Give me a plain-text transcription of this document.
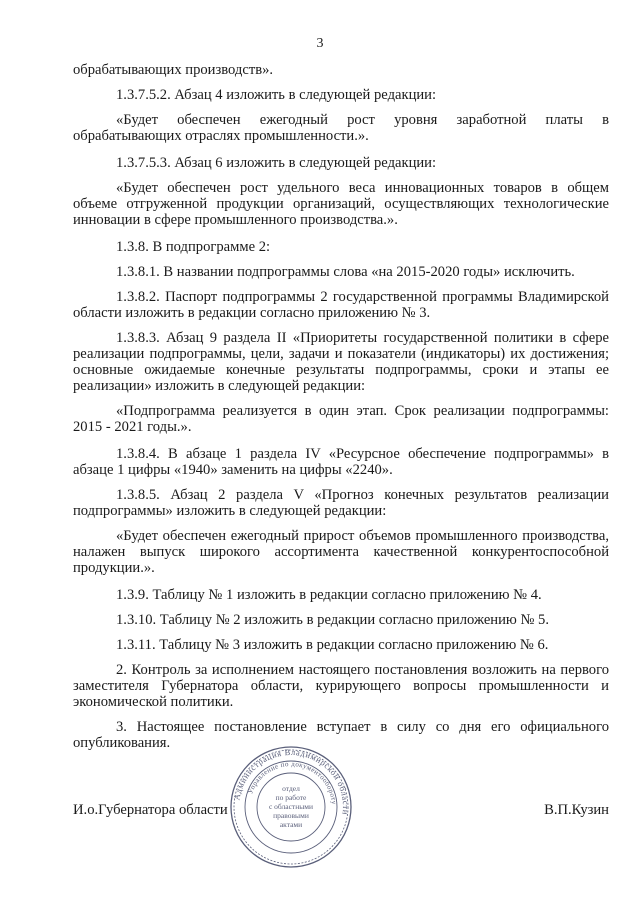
3

обрабатывающих производств».

1.3.7.5.2. Абзац 4 изложить в следующей редакции:

«Будет обеспечен ежегодный рост уровня заработной платы в обрабатывающих отраслях промышленности.».

1.3.7.5.3. Абзац 6 изложить в следующей редакции:

«Будет обеспечен рост удельного веса инновационных товаров в общем объеме отгруженной продукции организаций, осуществляющих технологические инновации в сфере промышленного производства.».

1.3.8. В подпрограмме 2:

1.3.8.1. В названии подпрограммы слова «на 2015-2020 годы» исключить.

1.3.8.2. Паспорт подпрограммы 2 государственной программы Владимирской области изложить в редакции согласно приложению № 3.

1.3.8.3. Абзац 9 раздела II «Приоритеты государственной политики в сфере реализации подпрограммы, цели, задачи и показатели (индикаторы) их достижения; основные ожидаемые конечные результаты подпрограммы, сроки и этапы ее реализации» изложить в следующей редакции:

«Подпрограмма реализуется в один этап. Срок реализации подпрограммы: 2015 - 2021 годы.».

1.3.8.4. В абзаце 1 раздела IV «Ресурсное обеспечение подпрограммы» в абзаце 1 цифры «1940» заменить на цифры «2240».

1.3.8.5. Абзац 2 раздела V «Прогноз конечных результатов реализации подпрограммы» изложить в следующей редакции:

«Будет обеспечен ежегодный прирост объемов промышленного производства, налажен выпуск широкого ассортимента качественной конкурентоспособной продукции.».

1.3.9. Таблицу № 1 изложить в редакции согласно приложению № 4.

1.3.10. Таблицу № 2 изложить в редакции согласно приложению № 5.

1.3.11. Таблицу № 3 изложить в редакции согласно приложению № 6.

2. Контроль за исполнением настоящего постановления возложить на первого заместителя Губернатора области, курирующего вопросы промышленности и экономической политики.

3. Настоящее постановление вступает в силу со дня его официального опубликования.

И.о.Губернатора области	В.П.Кузин
Администрация Владимирской области
Управление по документообороту
отдел
по работе
с областными
правовыми
актами
